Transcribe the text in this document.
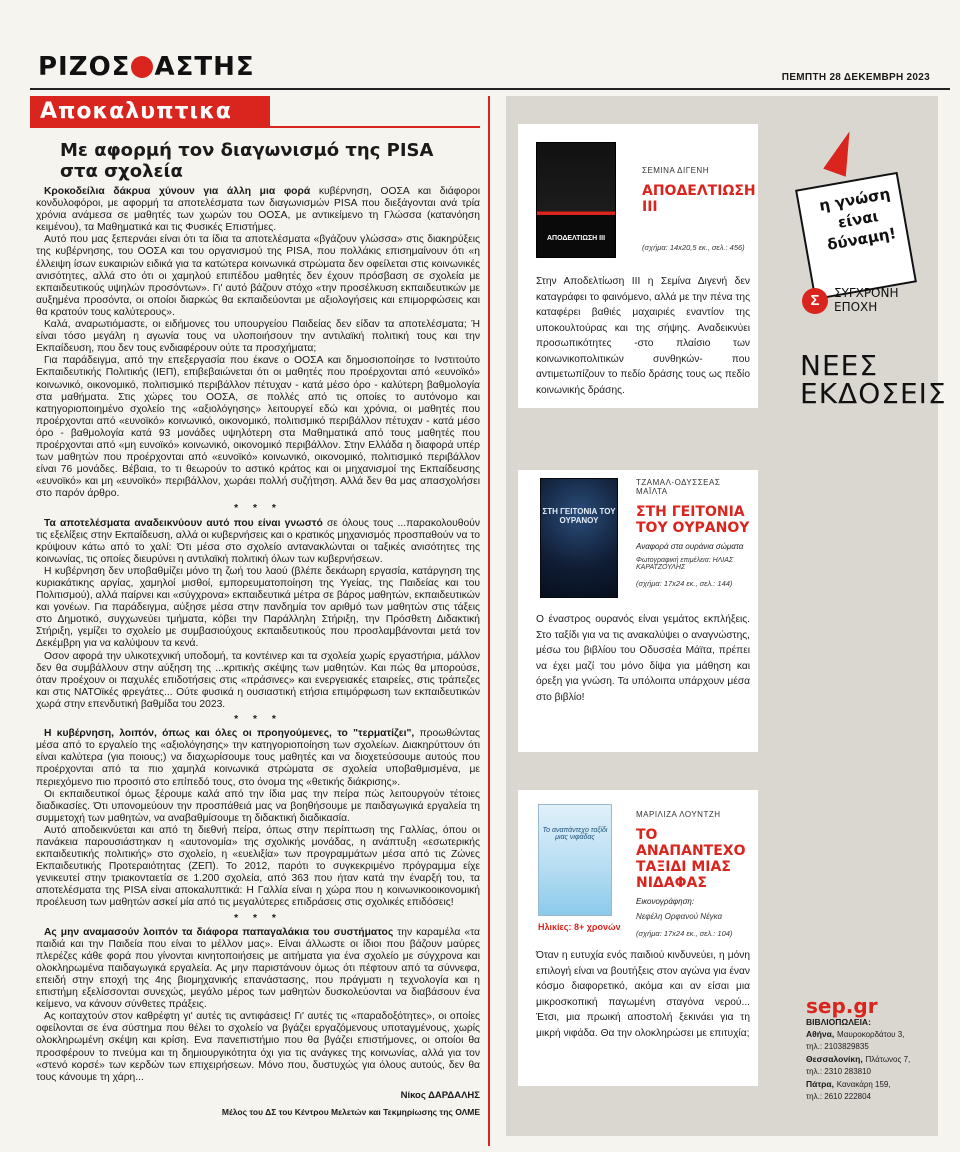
ΡΙΖΟΣ ΑΣΤΗΣ	ΠΕΜΠΤΗ 28 ΔΕΚΕΜΒΡΗ 2023
Αποκαλυπτικα
Με αφορμή τον διαγωνισμό της PISA στα σχολεία

Κροκοδείλια δάκρυα χύνουν για άλλη μια φορά κυβέρνηση, ΟΟΣΑ και διάφοροι κονδυλοφόροι, με αφορμή τα αποτελέσματα των διαγωνισμών PISA που διεξάγονται ανά τρία χρόνια ανάμεσα σε μαθητές των χωρών του ΟΟΣΑ, με αντικείμενο τη Γλώσσα (κατανόηση κειμένου), τα Μαθηματικά και τις Φυσικές Επιστήμες.

Αυτό που μας ξεπερνάει είναι ότι τα ίδια τα αποτελέσματα «βγάζουν γλώσσα» στις διακηρύξεις της κυβέρνησης, του ΟΟΣΑ και του οργανισμού της PISA, που πολλάκις επισημαίνουν ότι «η έλλειψη ίσων ευκαιριών ειδικά για τα κατώτερα κοινωνικά στρώματα δεν οφείλεται στις κοινωνικές ανισότητες, αλλά στο ότι οι χαμηλού επιπέδου μαθητές δεν έχουν πρόσβαση σε σχολεία με εκπαιδευτικούς υψηλών προσόντων». Γι' αυτό βάζουν στόχο «την προσέλκυση εκπαιδευτικών με αυξημένα προσόντα, οι οποίοι διαρκώς θα εκπαιδεύονται με αξιολογήσεις και επιμορφώσεις και θα κρατούν τους καλύτερους».

Καλά, αναρωτιόμαστε, οι ειδήμονες του υπουργείου Παιδείας δεν είδαν τα αποτελέσματα; Ή είναι τόσο μεγάλη η αγωνία τους να υλοποιήσουν την αντιλαϊκή πολιτική τους και την Εκπαίδευση, που δεν τους ενδιαφέρουν ούτε τα προσχήματα;

Για παράδειγμα, από την επεξεργασία που έκανε ο ΟΟΣΑ και δημοσιοποίησε το Ινστιτούτο Εκπαιδευτικής Πολιτικής (ΙΕΠ), επιβεβαιώνεται ότι οι μαθητές που προέρχονται από «ευνοϊκό» κοινωνικό, οικονομικό, πολιτισμικό περιβάλλον πέτυχαν - κατά μέσο όρο - καλύτερη βαθμολογία στα μαθήματα. Στις χώρες του ΟΟΣΑ, σε πολλές από τις οποίες το αυτόνομο και κατηγοριοποιημένο σχολείο της «αξιολόγησης» λειτουργεί εδώ και χρόνια, οι μαθητές που προέρχονται από «ευνοϊκό» κοινωνικό, οικονομικό, πολιτισμικό περιβάλλον πέτυχαν - κατά μέσο όρο - βαθμολογία κατά 93 μονάδες υψηλότερη στα Μαθηματικά από τους μαθητές που προέρχονται από «μη ευνοϊκό» κοινωνικό, οικονομικό περιβάλλον. Στην Ελλάδα η διαφορά υπέρ των μαθητών που προέρχονται από «ευνοϊκό» κοινωνικό, οικονομικό, πολιτισμικό περιβάλλον είναι 76 μονάδες. Βέβαια, το τι θεωρούν το αστικό κράτος και οι μηχανισμοί της Εκπαίδευσης «ευνοϊκό» και μη «ευνοϊκό» περιβάλλον, χωράει πολλή συζήτηση. Αλλά δεν θα μας απασχολήσει στο παρόν άρθρο.

* * *

Τα αποτελέσματα αναδεικνύουν αυτό που είναι γνωστό σε όλους τους ...παρακολουθούν τις εξελίξεις στην Εκπαίδευση, αλλά οι κυβερνήσεις και ο κρατικός μηχανισμός προσπαθούν να το κρύψουν κάτω από το χαλί: Ότι μέσα στο σχολείο αντανακλώνται οι ταξικές ανισότητες της κοινωνίας, τις οποίες διευρύνει η αντιλαϊκή πολιτική όλων των κυβερνήσεων.

Η κυβέρνηση δεν υποβαθμίζει μόνο τη ζωή του λαού (βλέπε δεκάωρη εργασία, κατάργηση της κυριακάτικης αργίας, χαμηλοί μισθοί, εμπορευματοποίηση της Υγείας, της Παιδείας και του Πολιτισμού), αλλά παίρνει και «σύγχρονα» εκπαιδευτικά μέτρα σε βάρος μαθητών, εκπαιδευτικών και γονέων. Για παράδειγμα, αύξησε μέσα στην πανδημία τον αριθμό των μαθητών στις τάξεις στο Δημοτικό, συγχωνεύει τμήματα, κόβει την Παράλληλη Στήριξη, την Πρόσθετη Διδακτική Στήριξη, γεμίζει το σχολείο με συμβασιούχους εκπαιδευτικούς που προσλαμβάνονται μετά τον Δεκέμβρη για να καλύψουν τα κενά.

Οσον αφορά την υλικοτεχνική υποδομή, τα κοντέινερ και τα σχολεία χωρίς εργαστήρια, μάλλον δεν θα συμβάλλουν στην αύξηση της ...κριτικής σκέψης των μαθητών. Και πώς θα μπορούσε, όταν προέχουν οι παχυλές επιδοτήσεις στις «πράσινες» και ενεργειακές εταιρείες, στις τράπεζες και στις ΝΑΤΟϊκές φρεγάτες... Ούτε φυσικά η ουσιαστική ετήσια επιμόρφωση των εκπαιδευτικών χωρά στην επενδυτική βαθμίδα του 2023.

* * *

Η κυβέρνηση, λοιπόν, όπως και όλες οι προηγούμενες, το "τερματίζει", προωθώντας μέσα από το εργαλείο της «αξιολόγησης» την κατηγοριοποίηση των σχολείων. Διακηρύττουν ότι είναι καλύτερα (για ποιους;) να διαχωρίσουμε τους μαθητές και να διοχετεύσουμε αυτούς που προέρχονται από τα πιο χαμηλά κοινωνικά στρώματα σε σχολεία υποβαθμισμένα, με περιεχόμενο πιο προσιτό στο επίπεδό τους, στο όνομα της «θετικής διάκρισης».

Οι εκπαιδευτικοί όμως ξέρουμε καλά από την ίδια μας την πείρα πώς λειτουργούν τέτοιες διαδικασίες. Ότι υπονομεύουν την προσπάθειά μας να βοηθήσουμε με παιδαγωγικά εργαλεία τη συμμετοχή των μαθητών, να αναβαθμίσουμε τη διδακτική διαδικασία.

Αυτό αποδεικνύεται και από τη διεθνή πείρα, όπως στην περίπτωση της Γαλλίας, όπου οι πανάκεια παρουσιάστηκαν η «αυτονομία» της σχολικής μονάδας, η ανάπτυξη «εσωτερικής εκπαιδευτικής πολιτικής» στο σχολείο, η «ευελιξία» των προγραμμάτων μέσα από τις Ζώνες Εκπαιδευτικής Προτεραιότητας (ΖΕΠ). Το 2012, παρότι το συγκεκριμένο πρόγραμμα είχε γενικευτεί στην τριακονταετία σε 1.200 σχολεία, από 363 που ήταν κατά την έναρξή του, τα αποτελέσματα της PISA είναι αποκαλυπτικά: Η Γαλλία είναι η χώρα που η κοινωνικοοικονομική προέλευση των μαθητών ασκεί μία από τις μεγαλύτερες επιδράσεις στις σχολικές επιδόσεις!

* * *

Ας μην αναμασούν λοιπόν τα διάφορα παπαγαλάκια του συστήματος την καραμέλα «τα παιδιά και την Παιδεία που είναι το μέλλον μας». Είναι άλλωστε οι ίδιοι που βάζουν μαύρες πλερέζες κάθε φορά που γίνονται κινητοποιήσεις με αιτήματα για ένα σχολείο με σύγχρονα και ολοκληρωμένα παιδαγωγικά εργαλεία. Ας μην παριστάνουν όμως ότι πέφτουν από τα σύννεφα, επειδή στην εποχή της 4ης βιομηχανικής επανάστασης, που πράγματι η τεχνολογία και η επιστήμη εξελίσσονται συνεχώς, μεγάλο μέρος των μαθητών δυσκολεύονται να διαβάσουν ένα κείμενο, να κάνουν σύνθετες πράξεις.

Ας κοιταχτούν στον καθρέφτη γι' αυτές τις αντιφάσεις! Γι' αυτές τις «παραδοξότητες», οι οποίες οφείλονται σε ένα σύστημα που θέλει το σχολείο να βγάζει εργαζόμενους υποταγμένους, χωρίς ολοκληρωμένη σκέψη και κρίση. Ενα πανεπιστήμιο που θα βγάζει επιστήμονες, οι οποίοι θα προσφέρουν το πνεύμα και τη δημιουργικότητα όχι για τις ανάγκες της κοινωνίας, αλλά για τον «στενό κορσέ» των κερδών των επιχειρήσεων. Μόνο που, δυστυχώς για όλους αυτούς, δεν θα τους κάνουμε τη χάρη...

Νίκος ΔΑΡΔΑΛΗΣ
Μέλος του ΔΣ του Κέντρου Μελετών και Τεκμηρίωσης της ΟΛΜΕ
ΑΠΟΔΕΛΤΙΩΣΗ ΙΙΙ
ΣΕΜΙΝΑ ΔΙΓΕΝΗ
ΑΠΟΔΕΛΤΙΩΣΗ III
(σχήμα: 14x20,5 εκ., σελ.: 456)
Στην Αποδελτίωση ΙΙΙ η Σεμίνα Διγενή δεν καταγράφει το φαινόμενο, αλλά με την πένα της καταφέρει βαθιές μαχαιριές εναντίον της υποκουλτούρας και της σήψης. Αναδεικνύει προσωπικότητες -στο πλαίσιο των κοινωνικοπολιτικών συνθηκών- που αντιμετωπίζουν το πεδίο δράσης τους ως πεδίο κοινωνικής δράσης.
ΣΤΗ ΓΕΙΤΟΝΙΑ ΤΟΥ ΟΥΡΑΝΟΥ
ΤΖΑΜΑΛ-ΟΔΥΣΣΕΑΣ ΜΑΪΛΤΑ
ΣΤΗ ΓΕΙΤΟΝΙΑ ΤΟΥ ΟΥΡΑΝΟΥ
Αναφορά στα ουράνια σώματα
Φωτογραφική επιμέλεια: ΗΛΙΑΣ ΚΑΡΑΤΖΟΥΛΗΣ
(σχήμα: 17x24 εκ., σελ.: 144)
Ο έναστρος ουρανός είναι γεμάτος εκπλήξεις. Στο ταξίδι για να τις ανακαλύψει ο αναγνώστης, μέσω του βιβλίου του Οδυσσέα Μάϊτα, πρέπει να έχει μαζί του μόνο δίψα για μάθηση και όρεξη για γνώση. Τα υπόλοιπα υπάρχουν μέσα στο βιβλίο!
Το αναπάντεχο ταξίδι μιας νιφάδας
Ηλικίες: 8+ χρονών
ΜΑΡΙΛΙΖΑ ΛΟΥΝΤΖΗ
ΤΟ ΑΝΑΠΑΝΤΕΧΟ ΤΑΞΙΔΙ ΜΙΑΣ ΝΙΔΑΦΑΣ
Εικονογράφηση:
Νεφέλη Ορφανού Νέγκα
(σχήμα: 17x24 εκ., σελ.: 104)
Όταν η ευτυχία ενός παιδιού κινδυνεύει, η μόνη επιλογή είναι να βουτήξεις στον αγώνα για έναν κόσμο διαφορετικό, ακόμα και αν είσαι μια μικροσκοπική παγωμένη σταγόνα νερού... Έτσι, μια πρωική αποστολή ξεκινάει για τη μικρή νιφάδα. Θα την ολοκληρώσει με επιτυχία;
η γνώση είναι δύναμη!
Σ	ΣΥΓΧΡΟΝΗ ΕΠΟΧΗ
ΝΕΕΣ ΕΚΔΟΣΕΙΣ
sep.gr
ΒΙΒΛΙΟΠΩΛΕΙΑ:
Αθήνα, Μαυροκορδάτου 3,
τηλ.: 2103829835
Θεσσαλονίκη, Πλάτωνος 7,
τηλ.: 2310 283810
Πάτρα, Κανακάρη 159,
τηλ.: 2610 222804
